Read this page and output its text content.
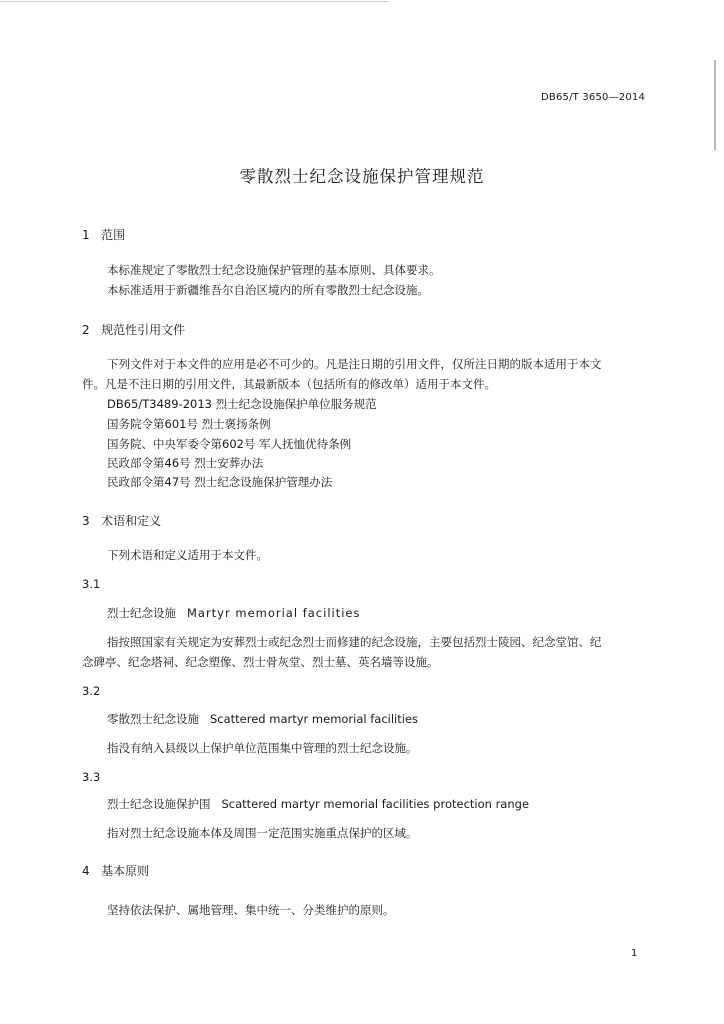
DB65/T 3650—2014
零散烈士纪念设施保护管理规范
1 范围
本标准规定了零散烈士纪念设施保护管理的基本原则、具体要求。
本标准适用于新疆维吾尔自治区境内的所有零散烈士纪念设施。
2 规范性引用文件
下列文件对于本文件的应用是必不可少的。凡是注日期的引用文件，仅所注日期的版本适用于本文
件。凡是不注日期的引用文件，其最新版本（包括所有的修改单）适用于本文件。
DB65/T3489-2013 烈士纪念设施保护单位服务规范
国务院令第601号 烈士褒扬条例
国务院、中央军委令第602号 军人抚恤优待条例
民政部令第46号 烈士安葬办法
民政部令第47号 烈士纪念设施保护管理办法
3 术语和定义
下列术语和定义适用于本文件。
3.1
烈士纪念设施 Martyr memorial facilities
指按照国家有关规定为安葬烈士或纪念烈士而修建的纪念设施，主要包括烈士陵园、纪念堂馆、纪
念碑亭、纪念塔祠、纪念塑像、烈士骨灰堂、烈士墓、英名墙等设施。
3.2
零散烈士纪念设施 Scattered martyr memorial facilities
指没有纳入县级以上保护单位范围集中管理的烈士纪念设施。
3.3
烈士纪念设施保护围 Scattered martyr memorial facilities protection range
指对烈士纪念设施本体及周围一定范围实施重点保护的区域。
4 基本原则
坚持依法保护、属地管理、集中统一、分类维护的原则。
1
